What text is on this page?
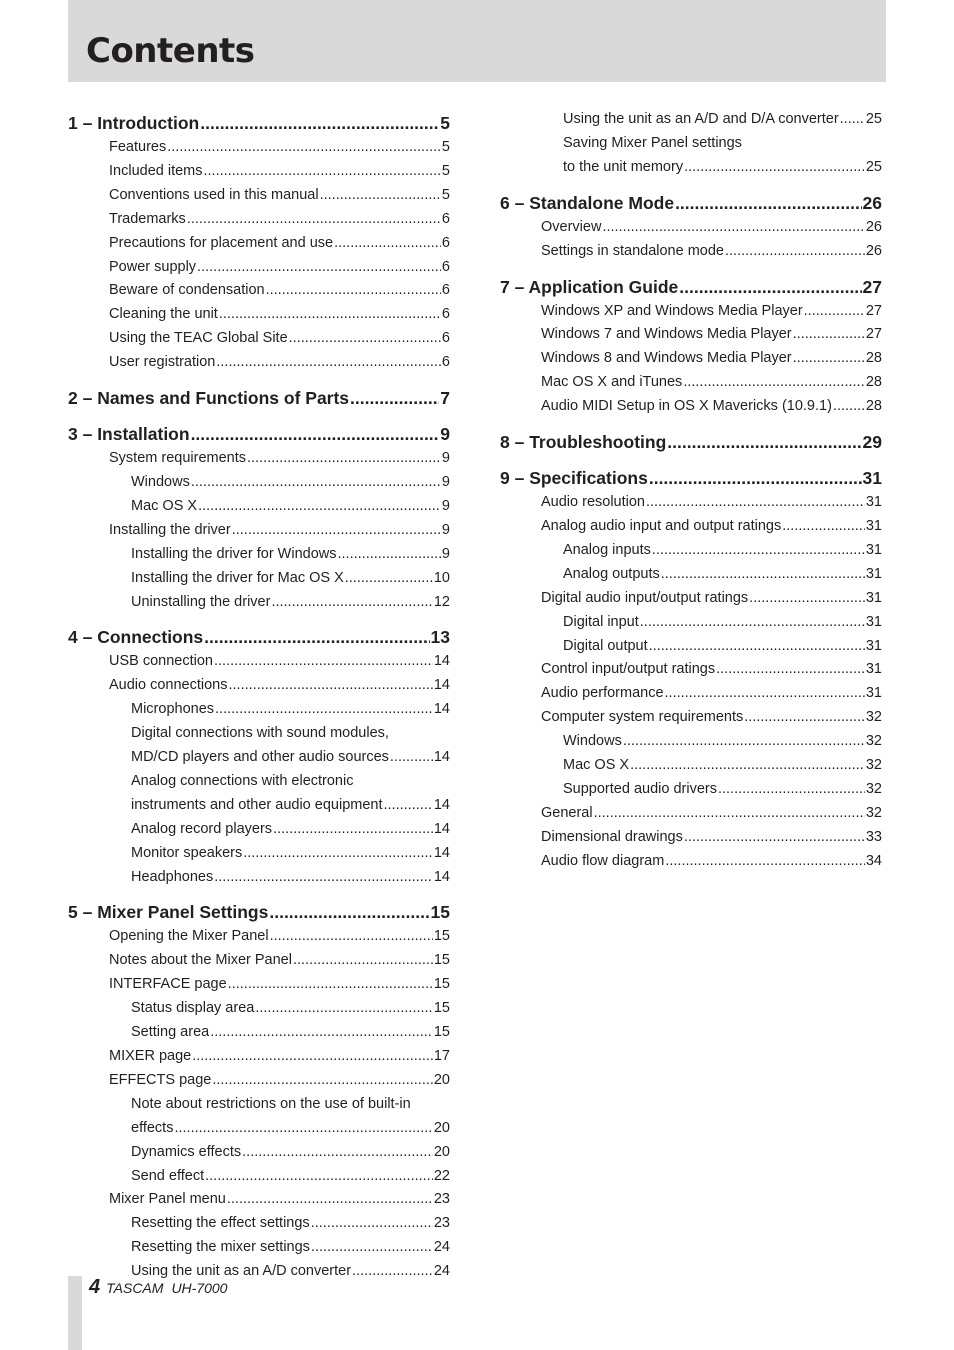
Contents
1 – Introduction .....	5
Features .....	5
Included items .....	5
Conventions used in this manual .....	5
Trademarks .....	6
Precautions for placement and use .....	6
Power supply .....	6
Beware of condensation .....	6
Cleaning the unit .....	6
Using the TEAC Global Site .....	6
User registration .....	6
2 – Names and Functions of Parts .....	7
3 – Installation .....	9
System requirements .....	9
Windows .....	9
Mac OS X .....	9
Installing the driver .....	9
Installing the driver for Windows .....	9
Installing the driver for Mac OS X .....	10
Uninstalling the driver .....	12
4 – Connections .....	13
USB connection .....	14
Audio connections .....	14
Microphones .....	14
Digital connections with sound modules,
MD/CD players and other audio sources .....	14
Analog connections with electronic
instruments and other audio equipment .....	14
Analog record players .....	14
Monitor speakers .....	14
Headphones .....	14
5 – Mixer Panel Settings .....	15
Opening the Mixer Panel .....	15
Notes about the Mixer Panel .....	15
INTERFACE page .....	15
Status display area .....	15
Setting area .....	15
MIXER page .....	17
EFFECTS page .....	20
Note about restrictions on the use of built-in
effects .....	20
Dynamics effects .....	20
Send effect .....	22
Mixer Panel menu .....	23
Resetting the effect settings .....	23
Resetting the mixer settings .....	24
Using the unit as an A/D converter .....	24
Using the unit as an A/D and D/A converter ..... 25
Saving Mixer Panel settings
to the unit memory .....	25
6 – Standalone Mode .....	26
Overview .....	26
Settings in standalone mode .....	26
7 – Application Guide .....	27
Windows XP and Windows Media Player .....	27
Windows 7 and Windows Media Player .....	27
Windows 8 and Windows Media Player .....	28
Mac OS X and iTunes .....	28
Audio MIDI Setup in OS X Mavericks (10.9.1) ..... 28
8 – Troubleshooting .....	29
9 – Specifications .....	31
Audio resolution .....	31
Analog audio input and output ratings .....	31
Analog inputs .....	31
Analog outputs .....	31
Digital audio input/output ratings .....	31
Digital input .....	31
Digital output .....	31
Control input/output ratings .....	31
Audio performance .....	31
Computer system requirements .....	32
Windows .....	32
Mac OS X .....	32
Supported audio drivers .....	32
General .....	32
Dimensional drawings .....	33
Audio flow diagram .....	34
4 TASCAM UH-7000
